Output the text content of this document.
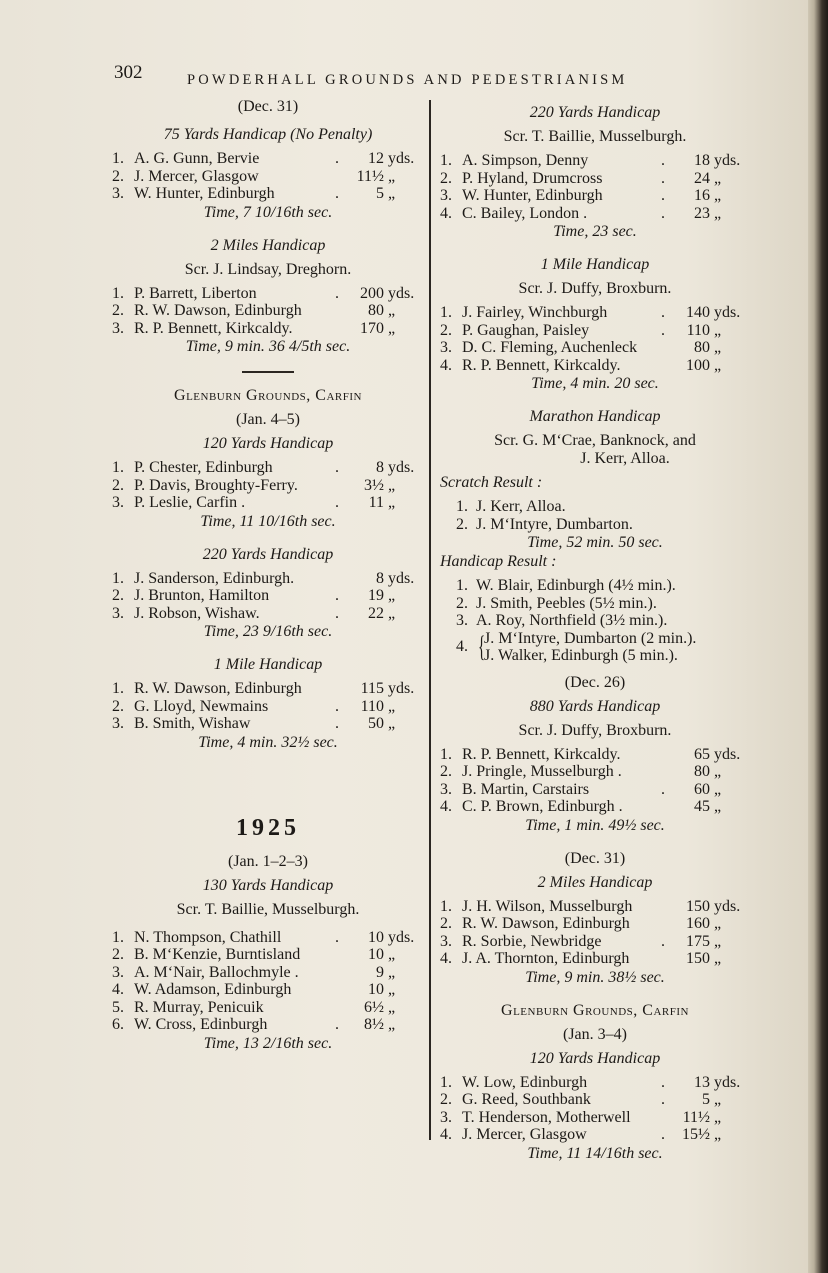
302	POWDERHALL GROUNDS AND PEDESTRIANISM
(Dec. 31)
75 Yards Handicap (No Penalty)
1. A. G. Gunn, Bervie	.	12 yds.
2. J. Mercer, Glasgow	11½ „
3. W. Hunter, Edinburgh	.	5 „
Time, 7 10/16th sec.
2 Miles Handicap
Scr. J. Lindsay, Dreghorn.
1. P. Barrett, Liberton	.	200 yds.
2. R. W. Dawson, Edinburgh	80 „
3. R. P. Bennett, Kirkcaldy.	170 „
Time, 9 min. 36 4/5th sec.
Glenburn Grounds, Carfin
(Jan. 4–5)
120 Yards Handicap
1. P. Chester, Edinburgh	.	8 yds.
2. P. Davis, Broughty-Ferry.	3½ „
3. P. Leslie, Carfin .	.	11 „
Time, 11 10/16th sec.
220 Yards Handicap
1. J. Sanderson, Edinburgh.	8 yds.
2. J. Brunton, Hamilton	.	19 „
3. J. Robson, Wishaw.	.	22 „
Time, 23 9/16th sec.
1 Mile Handicap
1. R. W. Dawson, Edinburgh	115 yds.
2. G. Lloyd, Newmains	.	110 „
3. B. Smith, Wishaw	.	50 „
Time, 4 min. 32½ sec.
1925
(Jan. 1–2–3)
130 Yards Handicap
Scr. T. Baillie, Musselburgh.
1. N. Thompson, Chathill	.	10 yds.
2. B. M‘Kenzie, Burntisland	10 „
3. A. M‘Nair, Ballochmyle .	9 „
4. W. Adamson, Edinburgh	10 „
5. R. Murray, Penicuik	6½ „
6. W. Cross, Edinburgh	.	8½ „
Time, 13 2/16th sec.
220 Yards Handicap
Scr. T. Baillie, Musselburgh.
1. A. Simpson, Denny	.	18 yds.
2. P. Hyland, Drumcross	.	24 „
3. W. Hunter, Edinburgh	.	16 „
4. C. Bailey, London .	.	23 „
Time, 23 sec.
1 Mile Handicap
Scr. J. Duffy, Broxburn.
1. J. Fairley, Winchburgh	.	140 yds.
2. P. Gaughan, Paisley	.	110 „
3. D. C. Fleming, Auchenleck	80 „
4. R. P. Bennett, Kirkcaldy.	100 „
Time, 4 min. 20 sec.
Marathon Handicap
Scr. G. M‘Crae, Banknock, and
J. Kerr, Alloa.
Scratch Result :
1. J. Kerr, Alloa.
2. J. M‘Intyre, Dumbarton.
Time, 52 min. 50 sec.
Handicap Result :
1. W. Blair, Edinburgh (4½ min.).
2. J. Smith, Peebles (5½ min.).
3. A. Roy, Northfield (3½ min.).
4. {
J. M‘Intyre, Dumbarton (2 min.).
J. Walker, Edinburgh (5 min.).
(Dec. 26)
880 Yards Handicap
Scr. J. Duffy, Broxburn.
1. R. P. Bennett, Kirkcaldy.	65 yds.
2. J. Pringle, Musselburgh .	80 „
3. B. Martin, Carstairs	.	60 „
4. C. P. Brown, Edinburgh .	45 „
Time, 1 min. 49½ sec.
(Dec. 31)
2 Miles Handicap
1. J. H. Wilson, Musselburgh	150 yds.
2. R. W. Dawson, Edinburgh	160 „
3. R. Sorbie, Newbridge	.	175 „
4. J. A. Thornton, Edinburgh	150 „
Time, 9 min. 38½ sec.
Glenburn Grounds, Carfin
(Jan. 3–4)
120 Yards Handicap
1. W. Low, Edinburgh	.	13 yds.
2. G. Reed, Southbank	.	5 „
3. T. Henderson, Motherwell	11½ „
4. J. Mercer, Glasgow	.	15½ „
Time, 11 14/16th sec.
